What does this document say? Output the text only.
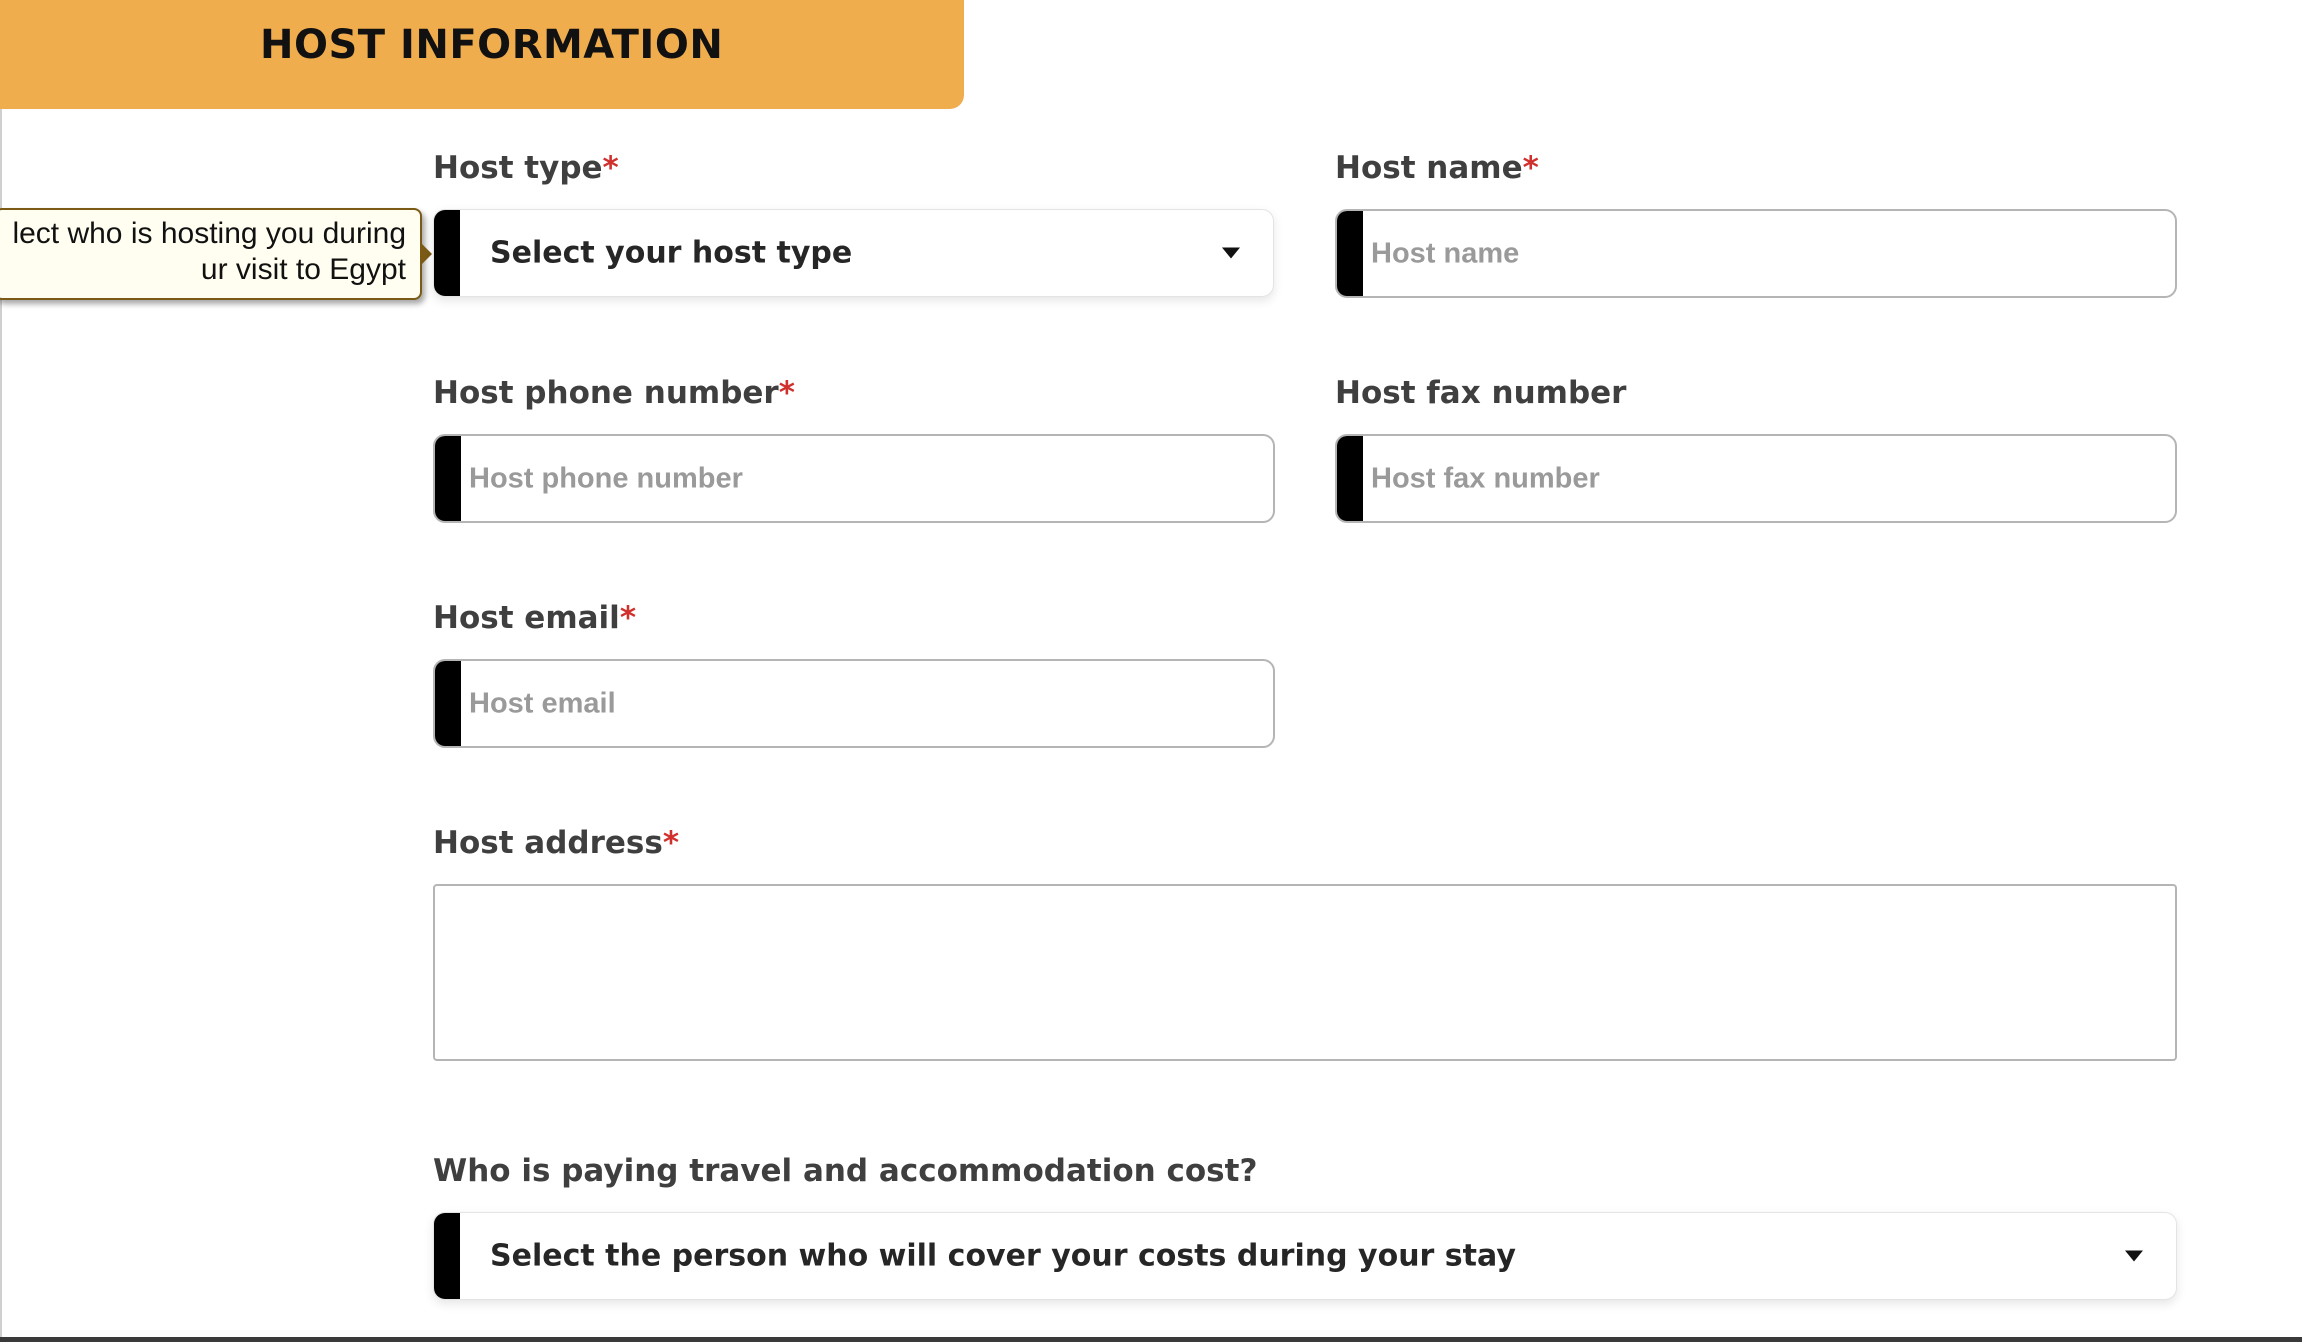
HOST INFORMATION
lect who is hosting you during
ur visit to Egypt
Host type*
Select your host type
Host name*
Host name
Host phone number*
Host phone number
Host fax number
Host fax number
Host email*
Host email
Host address*
Who is paying travel and accommodation cost?
Select the person who will cover your costs during your stay
